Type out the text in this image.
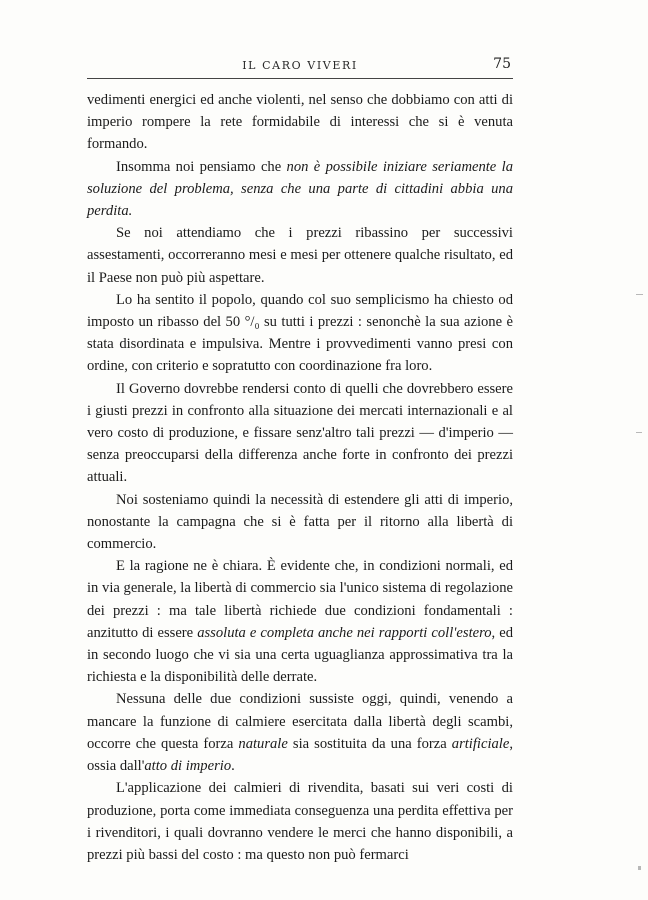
IL CARO VIVERI	75

vedimenti energici ed anche violenti, nel senso che dobbiamo con atti di imperio rompere la rete formidabile di interessi che si è venuta formando.

Insomma noi pensiamo che non è possibile iniziare seriamente la soluzione del problema, senza che una parte di cittadini abbia una perdita.

Se noi attendiamo che i prezzi ribassino per successivi assestamenti, occorreranno mesi e mesi per ottenere qualche risultato, ed il Paese non può più aspettare.

Lo ha sentito il popolo, quando col suo semplicismo ha chiesto od imposto un ribasso del 50 °/₀ su tutti i prezzi : senonchè la sua azione è stata disordinata e impulsiva. Mentre i provvedimenti vanno presi con ordine, con criterio e sopratutto con coordinazione fra loro.

Il Governo dovrebbe rendersi conto di quelli che dovrebbero essere i giusti prezzi in confronto alla situazione dei mercati internazionali e al vero costo di produzione, e fissare senz'altro tali prezzi — d'imperio — senza preoccuparsi della differenza anche forte in confronto dei prezzi attuali.

Noi sosteniamo quindi la necessità di estendere gli atti di imperio, nonostante la campagna che si è fatta per il ritorno alla libertà di commercio.

E la ragione ne è chiara. È evidente che, in condizioni normali, ed in via generale, la libertà di commercio sia l'unico sistema di regolazione dei prezzi : ma tale libertà richiede due condizioni fondamentali : anzitutto di essere assoluta e completa anche nei rapporti coll'estero, ed in secondo luogo che vi sia una certa uguaglianza approssimativa tra la richiesta e la disponibilità delle derrate.

Nessuna delle due condizioni sussiste oggi, quindi, venendo a mancare la funzione di calmiere esercitata dalla libertà degli scambi, occorre che questa forza naturale sia sostituita da una forza artificiale, ossia dall'atto di imperio.

L'applicazione dei calmieri di rivendita, basati sui veri costi di produzione, porta come immediata conseguenza una perdita effettiva per i rivenditori, i quali dovranno vendere le merci che hanno disponibili, a prezzi più bassi del costo : ma questo non può fermarci
